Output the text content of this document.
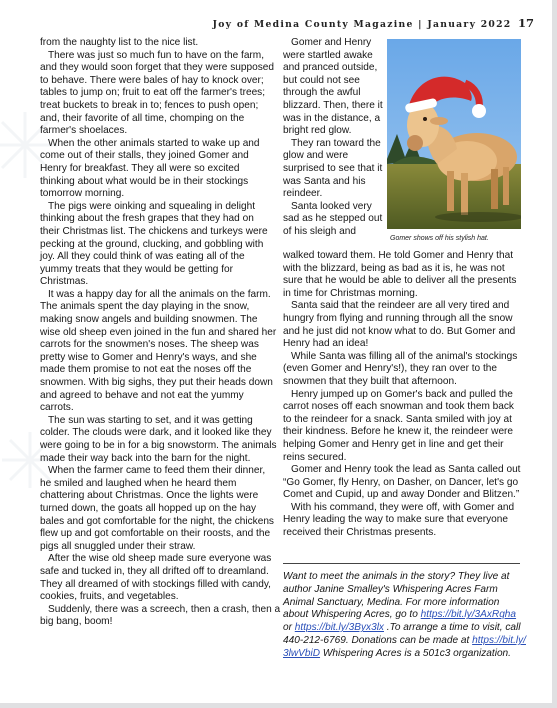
Joy of Medina County Magazine | January 2022 17

from the naughty list to the nice list.

There was just so much fun to have on the farm,

and they would soon forget that they were supposed

to behave. There were bales of hay to knock over;

tables to jump on; fruit to eat off the farmer's trees;

treat buckets to break in to; fences to push open;

and, their favorite of all time, chomping on the

farmer's shoelaces.

When the other animals started to wake up and

come out of their stalls, they joined Gomer and

Henry for breakfast. They all were so excited

thinking about what would be in their stockings

tomorrow morning.

The pigs were oinking and squealing in delight

thinking about the fresh grapes that they had on

their Christmas list. The chickens and turkeys were

pecking at the ground, clucking, and gobbling with

joy. All they could think of was eating all of the

yummy treats that they would be getting for

Christmas.

It was a happy day for all the animals on the farm.

The animals spent the day playing in the snow,

making snow angels and building snowmen. The

wise old sheep even joined in the fun and shared her

carrots for the snowmen's noses. The sheep was

pretty wise to Gomer and Henry's ways, and she

made them promise to not eat the noses off the

snowmen. With big sighs, they put their heads down

and agreed to behave and not eat the yummy

carrots.

The sun was starting to set, and it was getting

colder. The clouds were dark, and it looked like they

were going to be in for a big snowstorm. The animals

made their way back into the barn for the night.

When the farmer came to feed them their dinner,

he smiled and laughed when he heard them

chattering about Christmas. Once the lights were

turned down, the goats all hopped up on the hay

bales and got comfortable for the night, the chickens

flew up and got comfortable on their roosts, and the

pigs all snuggled under their straw.

After the wise old sheep made sure everyone was

safe and tucked in, they all drifted off to dreamland.

They all dreamed of with stockings filled with candy,

cookies, fruits, and vegetables.

Suddenly, there was a screech, then a crash, then a

big bang, boom!

Gomer and Henry

were startled awake

and pranced outside,

but could not see

through the awful

blizzard. Then, there it

was in the distance, a

bright red glow.

They ran toward the

glow and were

surprised to see that it

was Santa and his

reindeer.

Santa looked very

sad as he stepped out

of his sleigh and

walked toward them. He told Gomer and Henry that

with the blizzard, being as bad as it is, he was not

sure that he would be able to deliver all the presents

in time for Christmas morning.

Santa said that the reindeer are all very tired and

hungry from flying and running through all the snow

and he just did not know what to do. But Gomer and

Henry had an idea!

While Santa was filling all of the animal's stockings

(even Gomer and Henry's!), they ran over to the

snowmen that they built that afternoon.

Henry jumped up on Gomer's back and pulled the

carrot noses off each snowman and took them back

to the reindeer for a snack. Santa smiled with joy at

their kindness. Before he knew it, the reindeer were

helping Gomer and Henry get in line and get their

reins secured.

Gomer and Henry took the lead as Santa called out

“Go Gomer, fly Henry, on Dasher, on Dancer, let's go

Comet and Cupid, up and away Donder and Blitzen.”

With his command, they were off, with Gomer and

Henry leading the way to make sure that everyone

received their Christmas presents.

Gomer shows off his stylish hat.

Want to meet the animals in the story? They live at

author Janine Smalley's Whispering Acres Farm

Animal Sanctuary, Medina. For more information

about Whispering Acres, go to https://bit.ly/3AxRqha

or https://bit.ly/3Byx3lx .To arrange a time to visit, call

440-212-6769. Donations can be made at https://bit.ly/

3lwVbiD Whispering Acres is a 501c3 organization.
